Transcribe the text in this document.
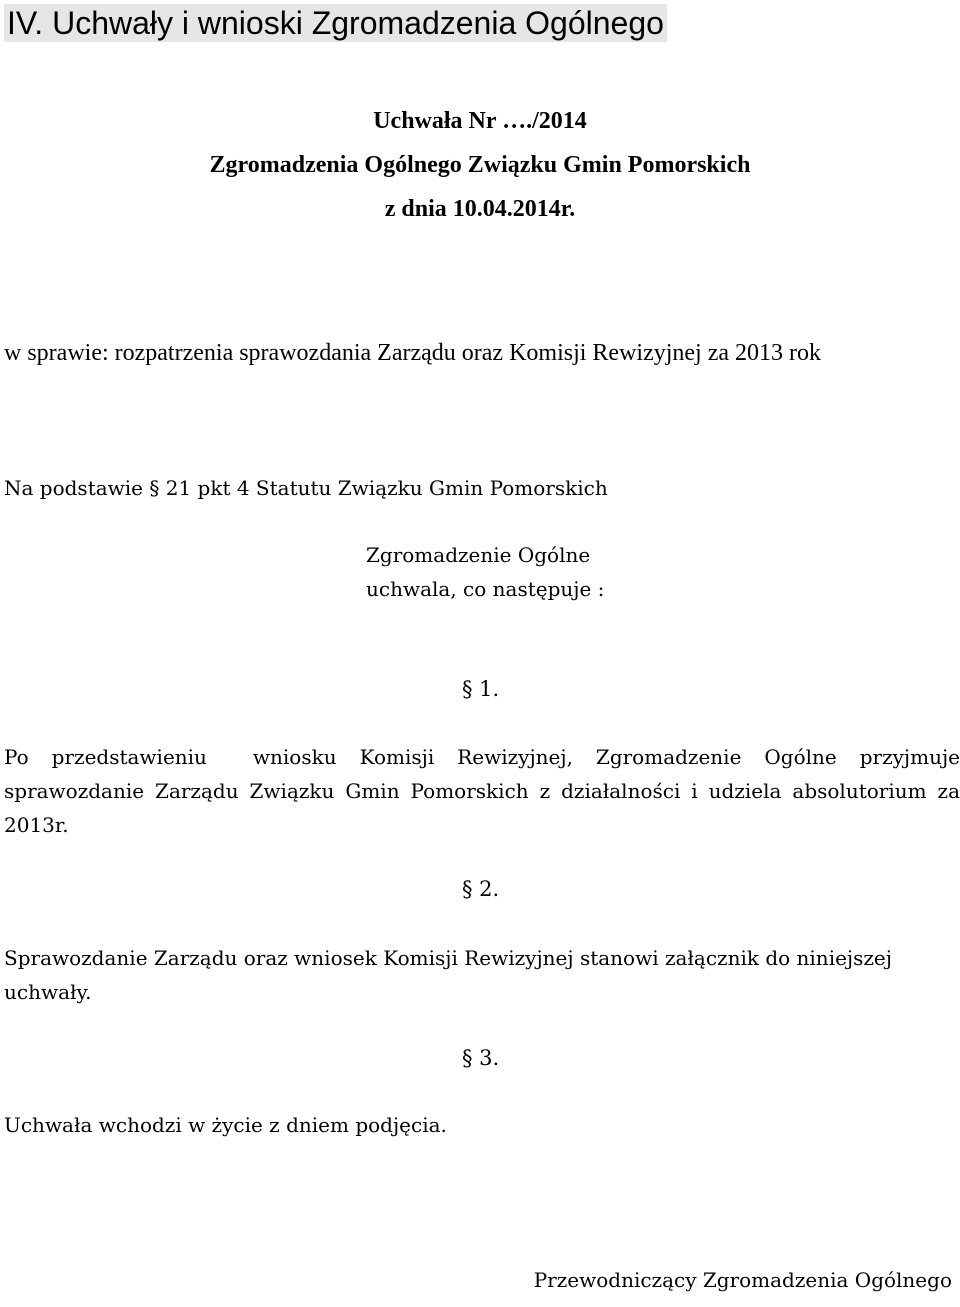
IV. Uchwały i wnioski Zgromadzenia Ogólnego
Uchwała Nr …./2014
Zgromadzenia Ogólnego Związku Gmin Pomorskich
z dnia 10.04.2014r.
w sprawie: rozpatrzenia sprawozdania Zarządu oraz Komisji Rewizyjnej za 2013 rok
Na podstawie § 21 pkt 4 Statutu Związku Gmin Pomorskich
Zgromadzenie Ogólne
uchwala, co następuje :
§ 1.
Po przedstawieniu  wniosku Komisji Rewizyjnej, Zgromadzenie Ogólne przyjmuje sprawozdanie Zarządu Związku Gmin Pomorskich z działalności i udziela absolutorium za 2013r.
§ 2.
Sprawozdanie Zarządu oraz wniosek Komisji Rewizyjnej stanowi załącznik do niniejszej uchwały.
§ 3.
Uchwała wchodzi w życie z dniem podjęcia.
Przewodniczący Zgromadzenia Ogólnego
